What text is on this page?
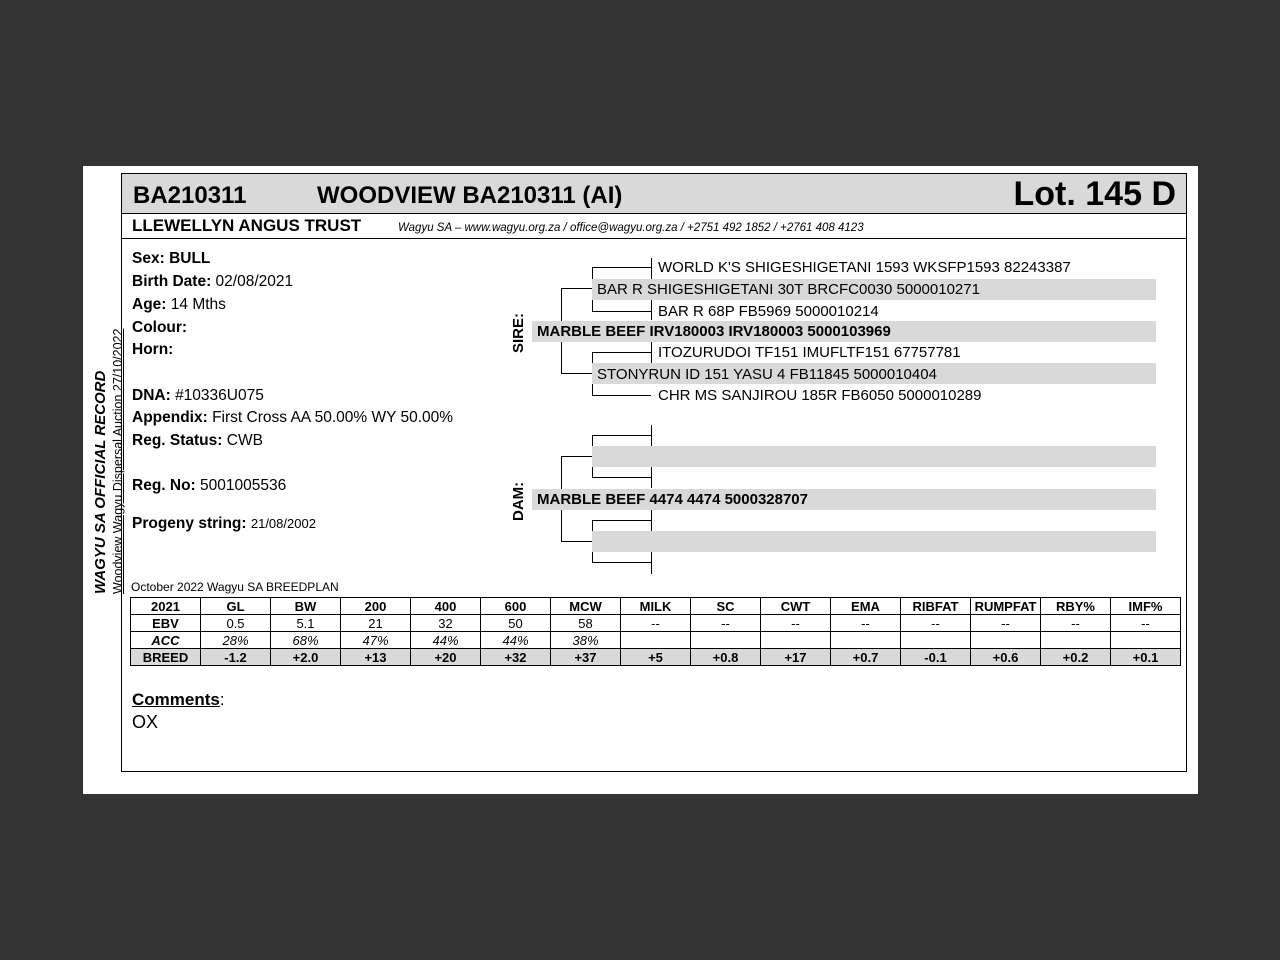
WAGYU SA OFFICIAL RECORD Woodview Wagyu Dispersal Auction 27/10/2022
BA210311	WOODVIEW BA210311 (AI)	Lot. 145 D
LLEWELLYN ANGUS TRUST	Wagyu SA – www.wagyu.org.za / office@wagyu.org.za / +2751 492 1852 / +2761 408 4123
Sex: BULL
Birth Date: 02/08/2021
Age: 14 Mths
Colour:
Horn:
DNA: #10336U075
Appendix: First Cross AA 50.00% WY 50.00%
Reg. Status: CWB
Reg. No: 5001005536
Progeny string: 21/08/2002
SIRE:
DAM:
WORLD K'S SHIGESHIGETANI 1593 WKSFP1593 82243387
BAR R SHIGESHIGETANI 30T BRCFC0030 5000010271
BAR R 68P FB5969 5000010214
MARBLE BEEF IRV180003 IRV180003 5000103969
ITOZURUDOI TF151 IMUFLTF151 67757781
STONYRUN ID 151 YASU 4 FB11845 5000010404
CHR MS SANJIROU 185R FB6050 5000010289
MARBLE BEEF 4474 4474 5000328707
October 2022 Wagyu SA BREEDPLAN
2021	GL	BW	200	400	600	MCW	MILK	SC	CWT	EMA	RIBFAT	RUMPFAT	RBY%	IMF%
EBV	0.5	5.1	21	32	50	58	--	--	--	--	--	--	--	--
ACC	28%	68%	47%	44%	44%	38%								
BREED	-1.2	+2.0	+13	+20	+32	+37	+5	+0.8	+17	+0.7	-0.1	+0.6	+0.2	+0.1
Comments:
OX
